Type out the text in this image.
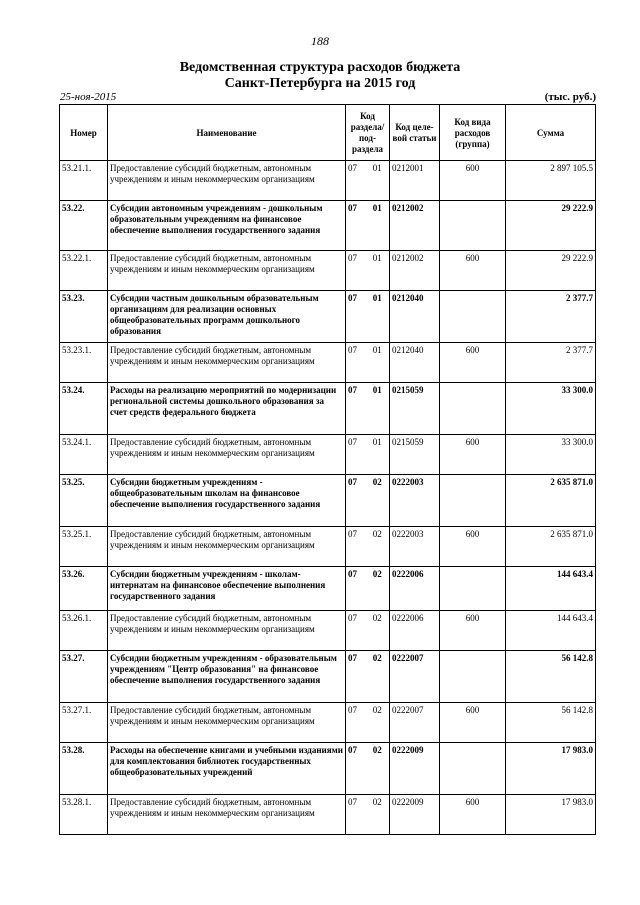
188
Ведомственная структура расходов бюджета
Санкт-Петербурга на 2015 год
25-ноя-2015	(тыс. руб.)
Номер	Наименование	Код раздела/ под- раздела		Код целе- вой статьи	Код вида расходов (группа)	Сумма
53.21.1.	Предоставление субсидий бюджетным, автономным учреждениям и иным некоммерческим организациям	07	01	0212001	600	2 897 105.5
53.22.	Субсидии автономным учреждениям - дошкольным образовательным учреждениям на финансовое обеспечение выполнения государственного задания	07	01	0212002		29 222.9
53.22.1.	Предоставление субсидий бюджетным, автономным учреждениям и иным некоммерческим организациям	07	01	0212002	600	29 222.9
53.23.	Субсидии частным дошкольным образовательным организациям для реализации основных общеобразовательных программ дошкольного образования	07	01	0212040		2 377.7
53.23.1.	Предоставление субсидий бюджетным, автономным учреждениям и иным некоммерческим организациям	07	01	0212040	600	2 377.7
53.24.	Расходы на реализацию мероприятий по модернизации региональной системы дошкольного образования за счет средств федерального бюджета	07	01	0215059		33 300.0
53.24.1.	Предоставление субсидий бюджетным, автономным учреждениям и иным некоммерческим организациям	07	01	0215059	600	33 300.0
53.25.	Субсидии бюджетным учреждениям - общеобразовательным школам на финансовое обеспечение выполнения государственного задания	07	02	0222003		2 635 871.0
53.25.1.	Предоставление субсидий бюджетным, автономным учреждениям и иным некоммерческим организациям	07	02	0222003	600	2 635 871.0
53.26.	Субсидии бюджетным учреждениям - школам-интернатам на финансовое обеспечение выполнения государственного задания	07	02	0222006		144 643.4
53.26.1.	Предоставление субсидий бюджетным, автономным учреждениям и иным некоммерческим организациям	07	02	0222006	600	144 643.4
53.27.	Субсидии бюджетным учреждениям - образовательным учреждениям "Центр образования" на финансовое обеспечение выполнения государственного задания	07	02	0222007		56 142.8
53.27.1.	Предоставление субсидий бюджетным, автономным учреждениям и иным некоммерческим организациям	07	02	0222007	600	56 142.8
53.28.	Расходы на обеспечение книгами и учебными изданиями для комплектования библиотек государственных общеобразовательных учреждений	07	02	0222009		17 983.0
53.28.1.	Предоставление субсидий бюджетным, автономным учреждениям и иным некоммерческим организациям	07	02	0222009	600	17 983.0
